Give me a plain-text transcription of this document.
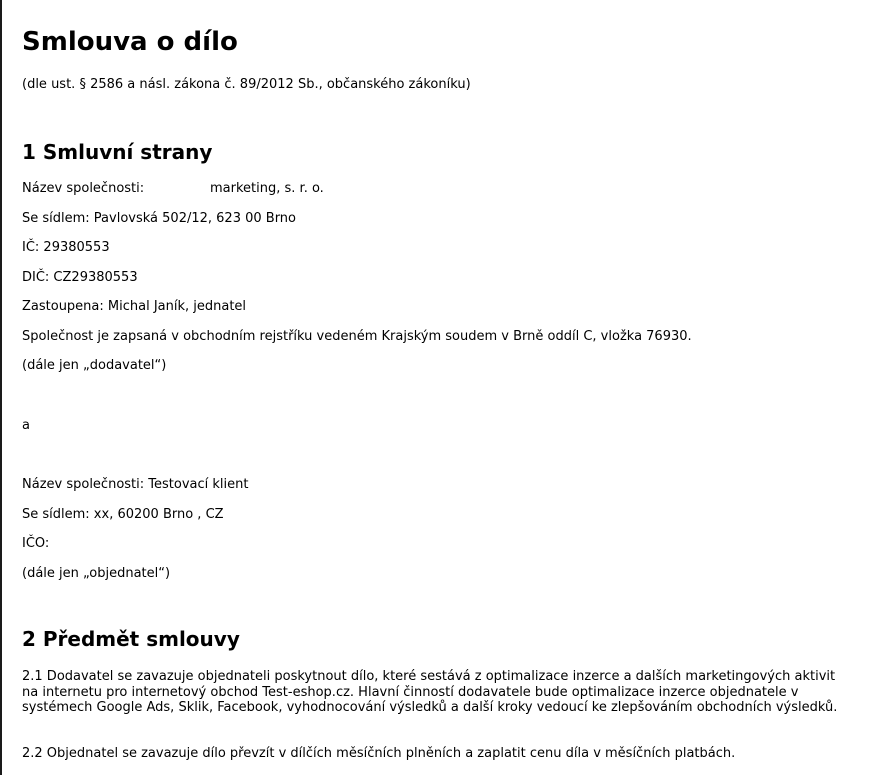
Smlouva o dílo

(dle ust. § 2586 a násl. zákona č. 89/2012 Sb., občanského zákoníku)

1 Smluvní strany
Název společnosti:	marketing, s. r. o.

Se sídlem: Pavlovská 502/12, 623 00 Brno

IČ: 29380553

DIČ: CZ29380553

Zastoupena: Michal Janík, jednatel

Společnost je zapsaná v obchodním rejstříku vedeném Krajským soudem v Brně oddíl C, vložka 76930.

(dále jen „dodavatel“)

a

Název společnosti: Testovací klient

Se sídlem: xx, 60200 Brno , CZ

IČO:

(dále jen „objednatel“)

2 Předmět smlouvy

2.1 Dodavatel se zavazuje objednateli poskytnout dílo, které sestává z optimalizace inzerce a dalších marketingových aktivit na internetu pro internetový obchod Test-eshop.cz. Hlavní činností dodavatele bude optimalizace inzerce objednatele v systémech Google Ads, Sklik, Facebook, vyhodnocování výsledků a další kroky vedoucí ke zlepšováním obchodních výsledků.

2.2 Objednatel se zavazuje dílo převzít v dílčích měsíčních plněních a zaplatit cenu díla v měsíčních platbách.
